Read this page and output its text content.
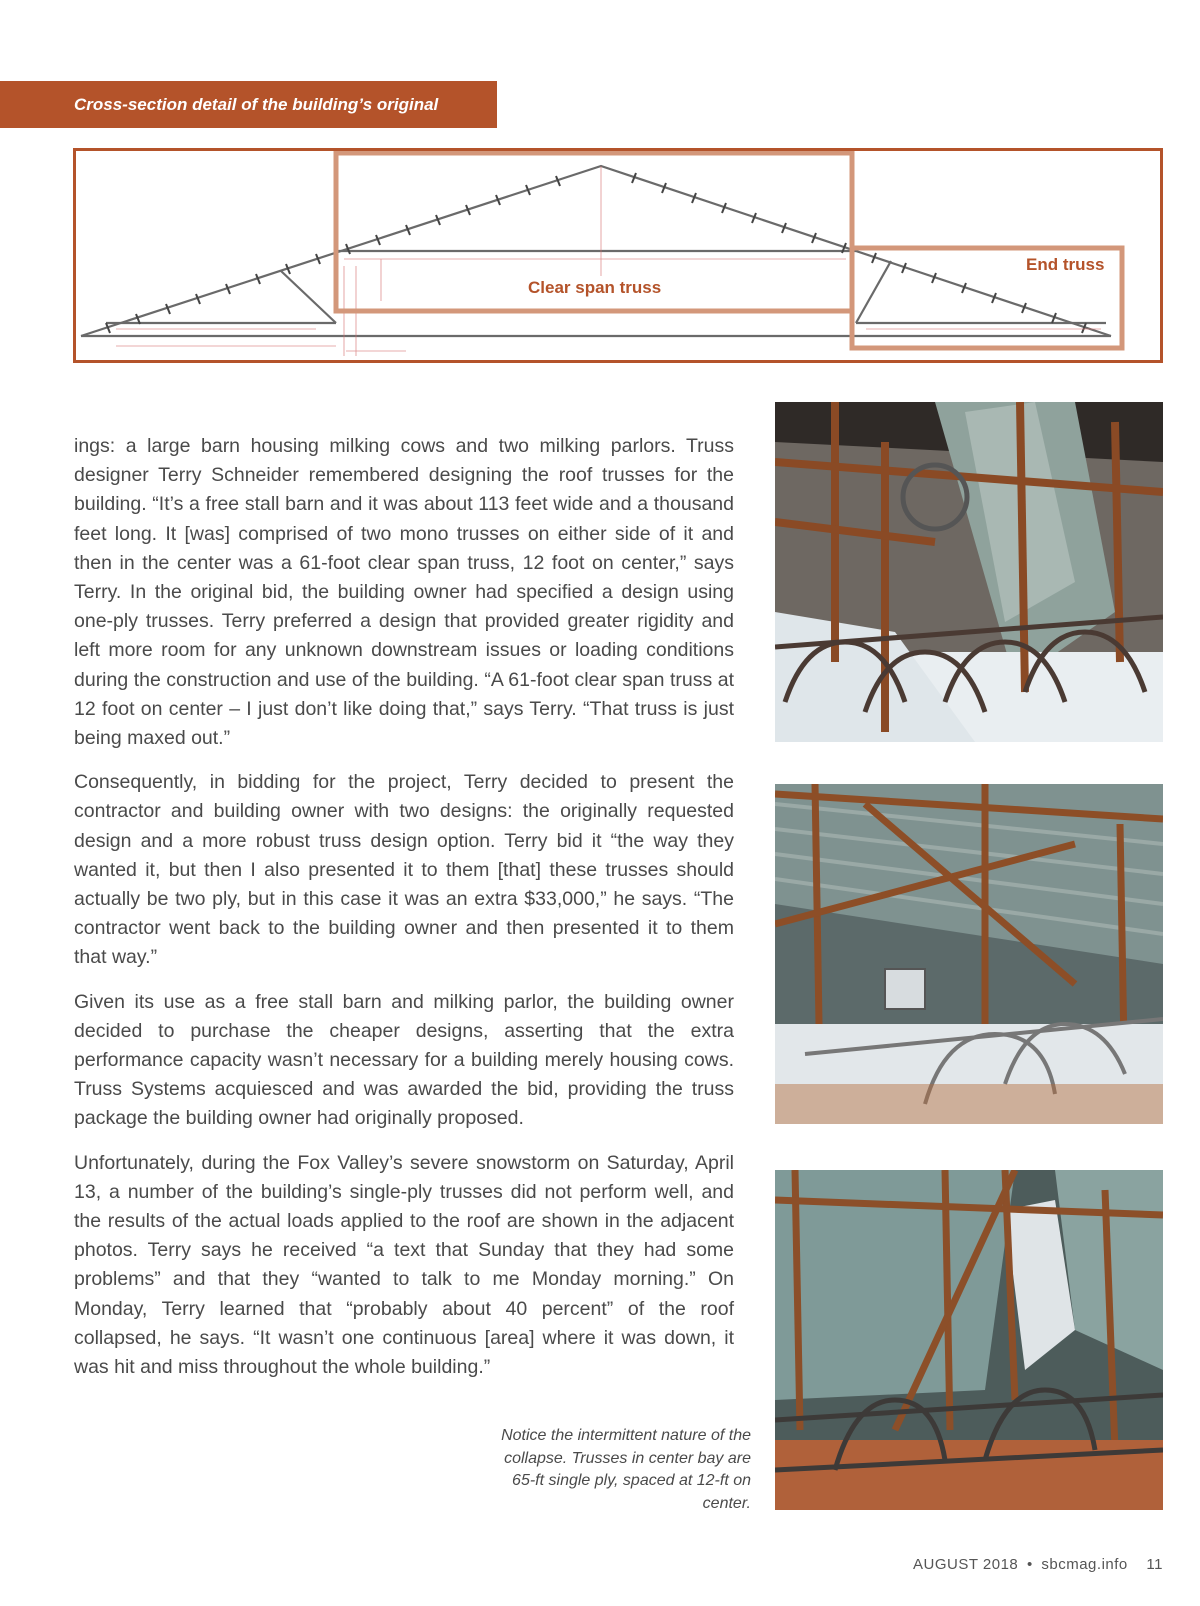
Cross-section detail of the building’s original
Clear span truss
End truss

ings: a large barn housing milking cows and two milking parlors. Truss designer Terry Schneider remembered designing the roof trusses for the building. “It’s a free stall barn and it was about 113 feet wide and a thousand feet long. It [was] comprised of two mono trusses on either side of it and then in the center was a 61-foot clear span truss, 12 foot on center,” says Terry. In the original bid, the building owner had specified a design using one-ply trusses. Terry preferred a design that provided greater rigidity and left more room for any unknown downstream issues or loading conditions during the construction and use of the building. “A 61-foot clear span truss at 12 foot on center – I just don’t like doing that,” says Terry. “That truss is just being maxed out.”

Consequently, in bidding for the project, Terry decided to present the contractor and building owner with two designs: the originally requested design and a more robust truss design option. Terry bid it “the way they wanted it, but then I also presented it to them [that] these trusses should actually be two ply, but in this case it was an extra $33,000,” he says. “The contractor went back to the building owner and then presented it to them that way.”

Given its use as a free stall barn and milking parlor, the building owner decided to purchase the cheaper designs, asserting that the extra performance capacity wasn’t necessary for a building merely housing cows. Truss Systems acquiesced and was awarded the bid, providing the truss package the building owner had originally proposed.

Unfortunately, during the Fox Valley’s severe snowstorm on Saturday, April 13, a number of the building’s single-ply trusses did not perform well, and the results of the actual loads applied to the roof are shown in the adjacent photos. Terry says he received “a text that Sunday that they had some problems” and that they “wanted to talk to me Monday morning.” On Monday, Terry learned that “probably about 40 percent” of the roof collapsed, he says. “It wasn’t one continuous [area] where it was down, it was hit and miss throughout the whole building.”

Notice the intermittent nature of the collapse. Trusses in center bay are 65-ft single ply, spaced at 12-ft on center.
AUGUST 2018 • sbcmag.info 11
